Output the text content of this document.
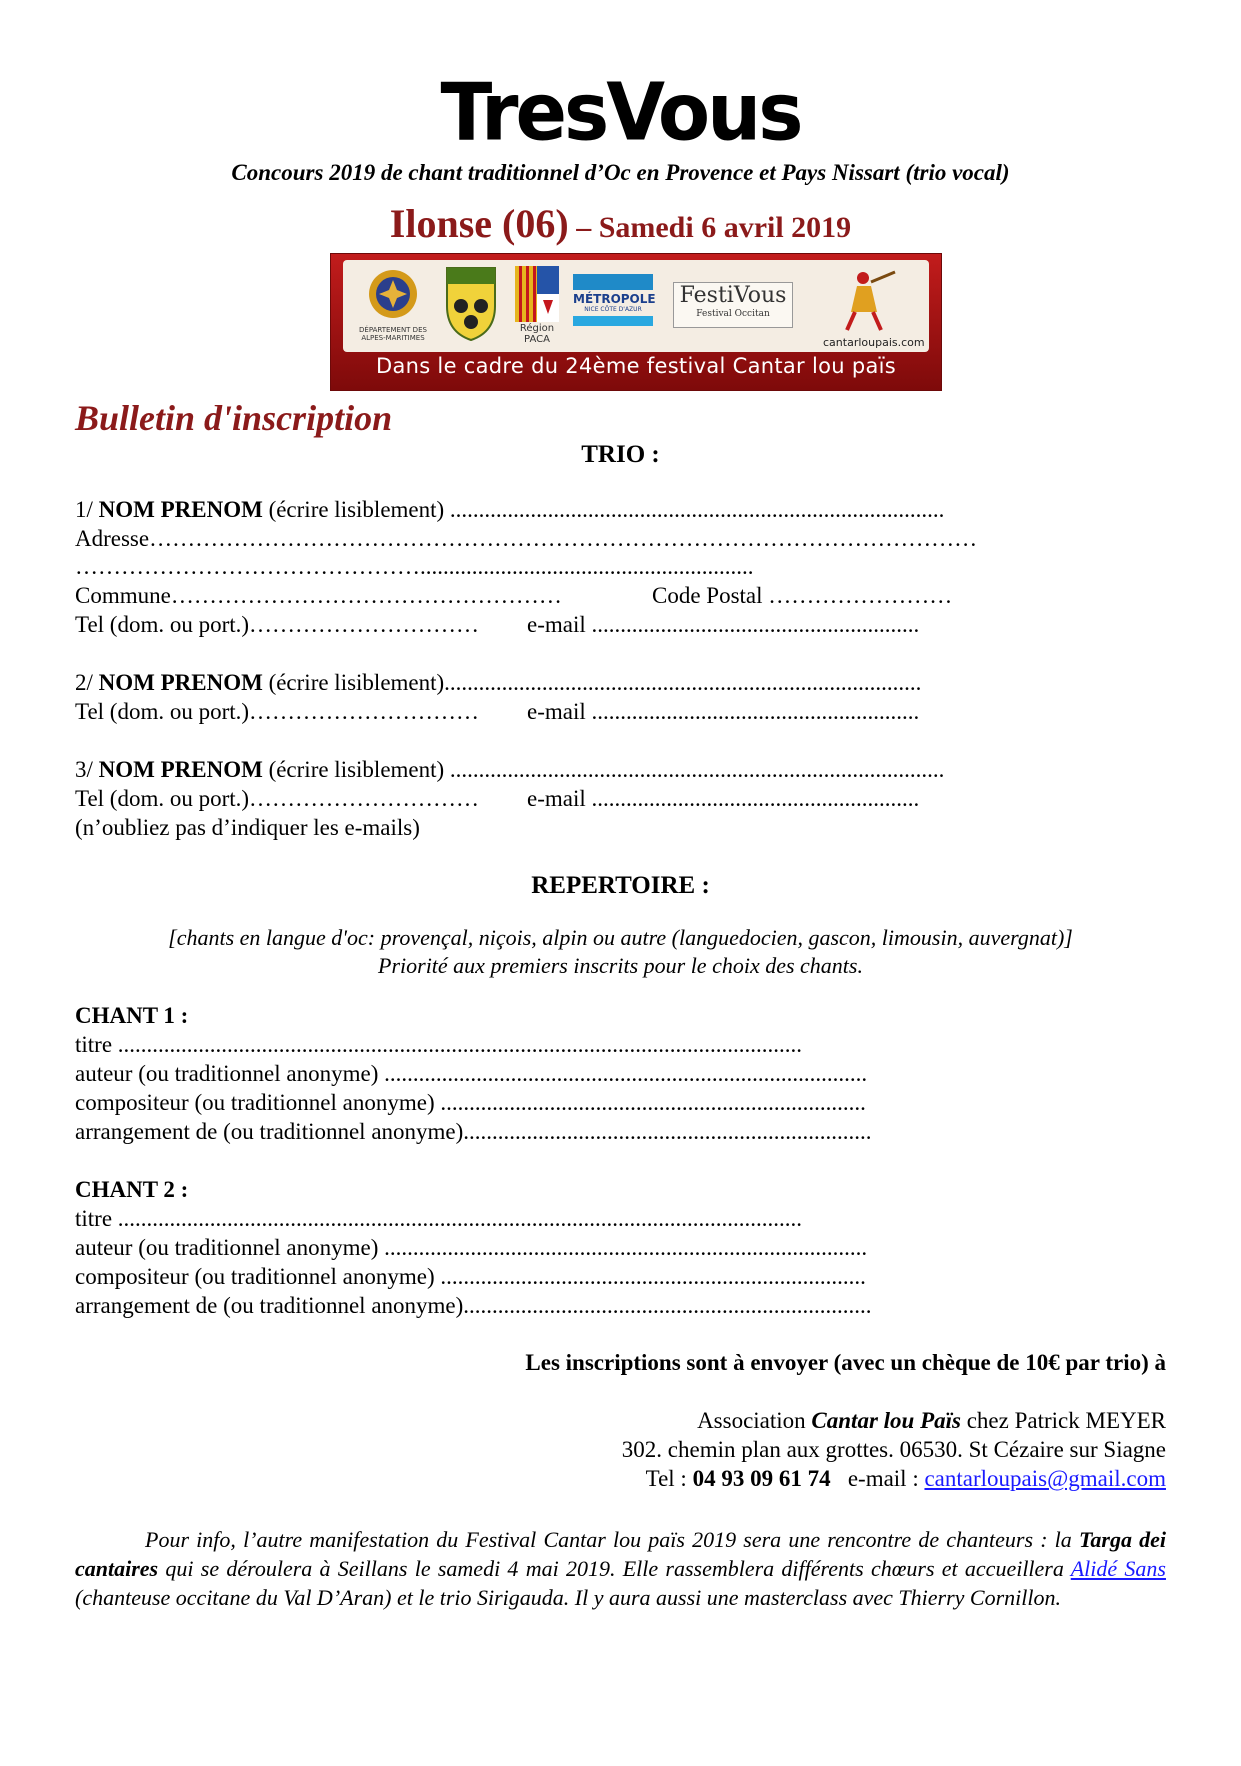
TresVous
Concours 2019 de chant traditionnel d’Oc en Provence et Pays Nissart (trio vocal)
Ilonse (06) – Samedi 6 avril 2019
DÉPARTEMENT DES ALPES-MARITIMES
Région PACA
MÉTROPOLE
NICE CÔTE D'AZUR
FestiVous
Festival Occitan
cantarloupais.com
Dans le cadre du 24ème festival Cantar lou païs
Bulletin d'inscription
TRIO :
1/ NOM PRENOM (écrire lisiblement) ......................................................................................
Adresse………………………………………………………………………………………………
………………………………………..........................................................
Commune……………………………………………	Code Postal ……………………
Tel (dom. ou port.)………………………… e-mail .........................................................
2/ NOM PRENOM (écrire lisiblement)...................................................................................
Tel (dom. ou port.)………………………… e-mail .........................................................
3/ NOM PRENOM (écrire lisiblement) ......................................................................................
Tel (dom. ou port.)………………………… e-mail .........................................................
(n’oubliez pas d’indiquer les e-mails)
REPERTOIRE :
[chants en langue d'oc: provençal, niçois, alpin ou autre (languedocien, gascon, limousin, auvergnat)]
Priorité aux premiers inscrits pour le choix des chants.
CHANT 1 :
titre .......................................................................................................................
auteur (ou traditionnel anonyme) ....................................................................................
compositeur (ou traditionnel anonyme) ..........................................................................
arrangement de (ou traditionnel anonyme).......................................................................
CHANT 2 :
titre .......................................................................................................................
auteur (ou traditionnel anonyme) ....................................................................................
compositeur (ou traditionnel anonyme) ..........................................................................
arrangement de (ou traditionnel anonyme).......................................................................
Les inscriptions sont à envoyer (avec un chèque de 10€ par trio) à
Association Cantar lou Païs chez Patrick MEYER
302. chemin plan aux grottes. 06530. St Cézaire sur Siagne
Tel : 04 93 09 61 74   e-mail : cantarloupais@gmail.com
Pour info, l’autre manifestation du Festival Cantar lou païs 2019 sera une rencontre de chanteurs : la Targa dei cantaires qui se déroulera à Seillans le samedi 4 mai 2019. Elle rassemblera différents chœurs et accueillera Alidé Sans (chanteuse occitane du Val D’Aran) et le trio Sirigauda. Il y aura aussi une masterclass avec Thierry Cornillon.
